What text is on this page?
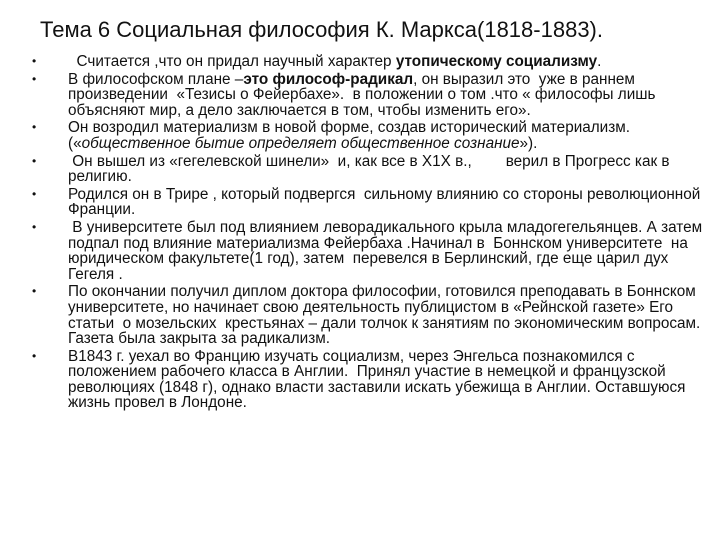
Тема 6 Социальная философия К. Маркса(1818-1883).
•	Считается ,что он придал научный характер утопическому социализму.

•	В философском плане –это философ-радикал, он выразил это  уже в раннем произведении  «Тезисы о Фейербахе».  в положении о том .что « философы лишь объясняют мир, а дело заключается в том, чтобы изменить его».

•	Он возродил материализм в новой форме, создав исторический материализм.(«общественное бытие определяет общественное сознание»).

•	Он вышел из «гегелевской шинели»  и, как все в Х1Х в.,        верил в Прогресс как в религию.

•	Родился он в Трире , который подвергся  сильному влиянию со стороны революционной Франции.

•	В университете был под влиянием леворадикального крыла младогегельянцев. А затем  подпал под влияние материализма Фейербаха .Начинал в  Боннском университете  на юридическом факультете(1 год), затем  перевелся в Берлинский, где еще царил дух Гегеля .

•	По окончании получил диплом доктора философии, готовился преподавать в Боннском университете, но начинает свою деятельность публицистом в «Рейнской газете» Его статьи  о мозельских  крестьянах – дали толчок к занятиям по экономическим вопросам.  Газета была закрыта за радикализм.

•	В1843 г. уехал во Францию изучать социализм, через Энгельса познакомился с положением рабочего класса в Англии.  Принял участие в немецкой и французской революциях (1848 г), однако власти заставили искать убежища в Англии. Оставшуюся жизнь провел в Лондоне.
